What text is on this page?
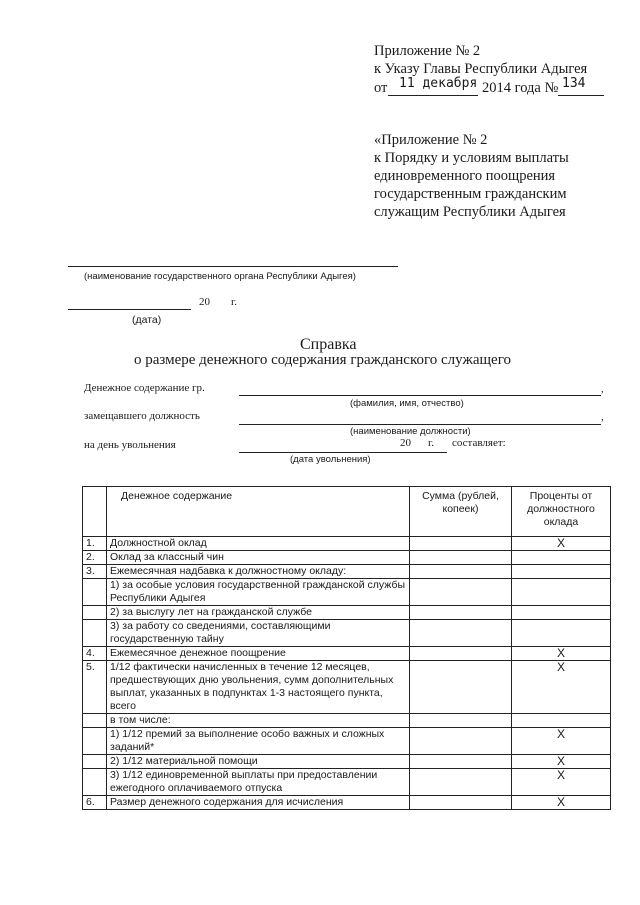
Приложение № 2
к Указу Главы Республики Адыгея
от 11 декабря 2014 года № 134
«Приложение № 2
к Порядку и условиям выплаты
единовременного поощрения
государственным гражданским
служащим Республики Адыгея
(наименование государственного органа Республики Адыгея)
20 г.
(дата)
Справка
о размере денежного содержания гражданского служащего
Денежное содержание гр.	,
(фамилия, имя, отчество)
замещавшего должность	,
(наименование должности)
на день увольнения	20 г. составляет:
(дата увольнения)
	Денежное содержание	Сумма (рублей, копеек)	Проценты от должностного оклада
1.	Должностной оклад		X
2.	Оклад за классный чин		
3.	Ежемесячная надбавка к должностному окладу:		
	1) за особые условия государственной гражданской службы Республики Адыгея		
	2) за выслугу лет на гражданской службе		
	3) за работу со сведениями, составляющими государственную тайну		
4.	Ежемесячное денежное поощрение		X
5.	1/12 фактически начисленных в течение 12 месяцев, предшествующих дню увольнения, сумм дополнительных выплат, указанных в подпунктах 1-3 настоящего пункта, всего		X
	в том числе:		
	1) 1/12 премий за выполнение особо важных и сложных заданий*		X
	2) 1/12 материальной помощи		X
	3) 1/12 единовременной выплаты при предоставлении ежегодного оплачиваемого отпуска		X
6.	Размер денежного содержания для исчисления		X
